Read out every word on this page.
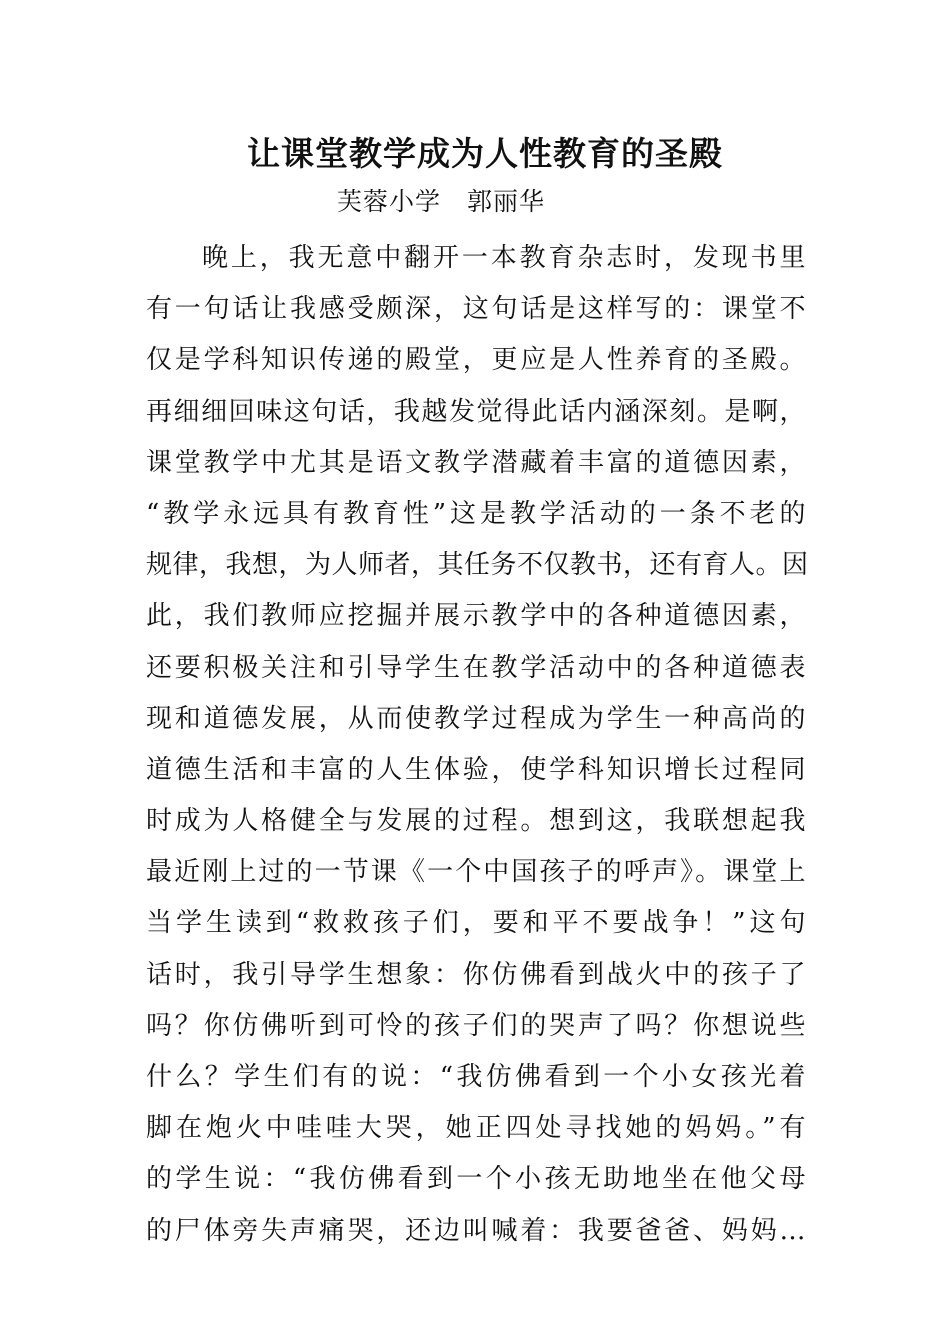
让课堂教学成为人性教育的圣殿
芙蓉小学 郭丽华
晚上，我无意中翻开一本教育杂志时，发现书里
有一句话让我感受颇深，这句话是这样写的：课堂不
仅是学科知识传递的殿堂，更应是人性养育的圣殿。
再细细回味这句话，我越发觉得此话内涵深刻。是啊，
课堂教学中尤其是语文教学潜藏着丰富的道德因素，
“教学永远具有教育性”这是教学活动的一条不老的
规律，我想，为人师者，其任务不仅教书，还有育人。因
此，我们教师应挖掘并展示教学中的各种道德因素，
还要积极关注和引导学生在教学活动中的各种道德表
现和道德发展，从而使教学过程成为学生一种高尚的
道德生活和丰富的人生体验，使学科知识增长过程同
时成为人格健全与发展的过程。想到这，我联想起我
最近刚上过的一节课《一个中国孩子的呼声》。课堂上
当学生读到“救救孩子们，要和平不要战争！”这句
话时，我引导学生想象：你仿佛看到战火中的孩子了
吗？你仿佛听到可怜的孩子们的哭声了吗？你想说些
什么？学生们有的说：“我仿佛看到一个小女孩光着
脚在炮火中哇哇大哭，她正四处寻找她的妈妈。”有
的学生说：“我仿佛看到一个小孩无助地坐在他父母
的尸体旁失声痛哭，还边叫喊着：我要爸爸、妈妈…
